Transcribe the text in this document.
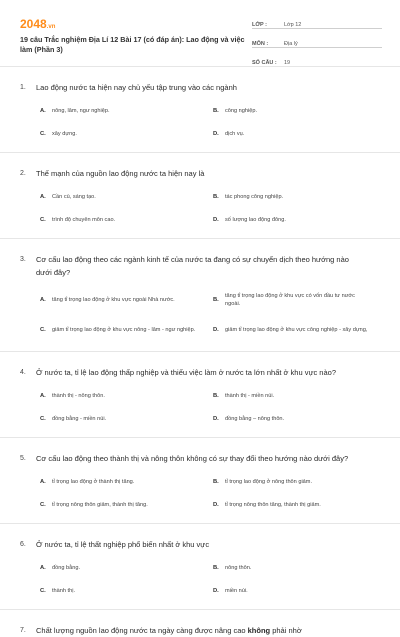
2048.vn
19 câu Trắc nghiệm Địa Lí 12 Bài 17 (có đáp án): Lao động và việc làm (Phần 3)
LỚP :	Lớp 12
MÔN :	Địa lý
SỐ CÂU :	19
1.	Lao động nước ta hiện nay chủ yếu tập trung vào các ngành
A.	nông, lâm, ngư nghiệp.	B.	công nghiệp.
C.	xây dựng.	D.	dịch vụ.
2.	Thế mạnh của nguồn lao động nước ta hiện nay là
A.	Cần cù, sáng tạo.	B.	tác phong công nghiệp.
C.	trình độ chuyên môn cao.	D.	số lượng lao động đông.
3.	Cơ cấu lao động theo các ngành kinh tế của nước ta đang có sự chuyển dịch theo hướng nào dưới đây?
A.	tăng tỉ trọng lao động ở khu vực ngoài Nhà nước.	B.
tăng tỉ trọng lao động ở khu vực có vốn đầu tư nước ngoài.
C.	giảm tỉ trọng lao động ở khu vực nông - lâm - ngư nghiệp.	D.	giảm tỉ trọng lao động ở khu vực công nghiệp - xây dựng,
4.	Ở nước ta, tỉ lệ lao động thấp nghiệp và thiếu việc làm ở nước ta lớn nhất ở khu vực nào?
A.	thành thị - nông thôn.	B.	thành thị - miền núi.
C.	đồng bằng - miền núi.	D.	đồng bằng – nông thôn.
5.	Cơ cấu lao động theo thành thị và nông thôn không có sự thay đổi theo hướng nào dưới đây?
A.	tỉ trọng lao động ở thành thị tăng.	B.	tỉ trọng lao động ở nông thôn giảm.
C.	tỉ trọng nông thôn giảm, thành thị tăng.	D.	tỉ trọng nông thôn tăng, thành thị giảm.
6.	Ở nước ta, tỉ lệ thất nghiệp phổ biến nhất ở khu vực
A.	đồng bằng.	B.	nông thôn.
C.	thành thị.	D.	miền núi.
7.	Chất lượng nguồn lao động nước ta ngày càng được nâng cao không phải nhờ
